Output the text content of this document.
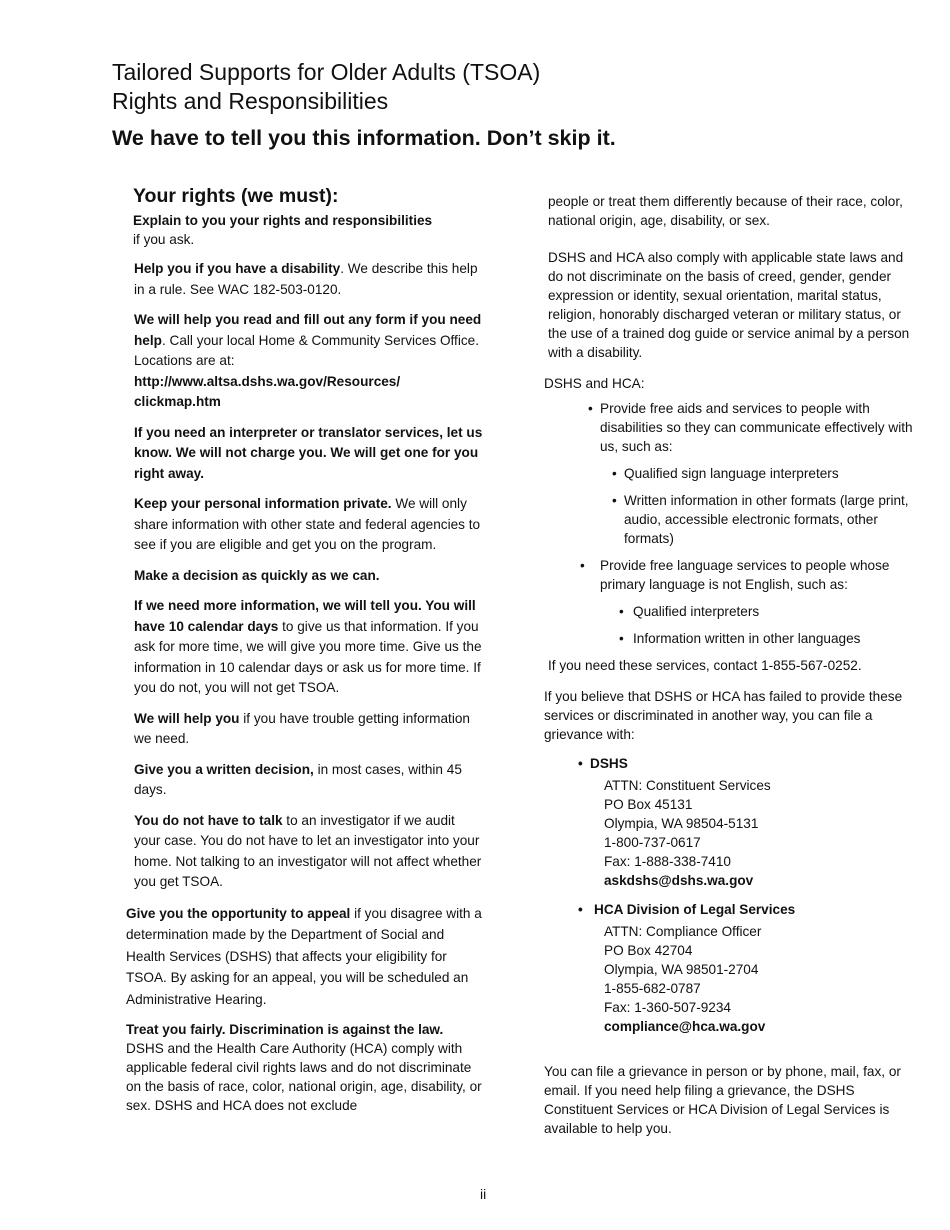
Tailored Supports for Older Adults (TSOA)
Rights and Responsibilities
We have to tell you this information. Don’t skip it.
Your rights (we must):
Explain to you your rights and responsibilities
if you ask.
Help you if you have a disability. We describe this help in a rule. See WAC 182-503-0120.
We will help you read and fill out any form if you need help. Call your local Home & Community Services Office. Locations are at:
http://www.altsa.dshs.wa.gov/Resources/
clickmap.htm
If you need an interpreter or translator services, let us know. We will not charge you. We will get one for you right away.
Keep your personal information private. We will only share information with other state and federal agencies to see if you are eligible and get you on the program.
Make a decision as quickly as we can.
If we need more information, we will tell you. You will have 10 calendar days to give us that information. If you ask for more time, we will give you more time. Give us the information in 10 calendar days or ask us for more time. If you do not, you will not get TSOA.
We will help you if you have trouble getting information we need.
Give you a written decision, in most cases, within 45 days.
You do not have to talk to an investigator if we audit your case. You do not have to let an investigator into your home. Not talking to an investigator will not affect whether you get TSOA.
Give you the opportunity to appeal if you disagree with a determination made by the Department of Social and Health Services (DSHS) that affects your eligibility for TSOA. By asking for an appeal, you will be scheduled an Administrative Hearing.
Treat you fairly. Discrimination is against the law.
DSHS and the Health Care Authority (HCA) comply with applicable federal civil rights laws and do not discriminate on the basis of race, color, national origin, age, disability, or sex. DSHS and HCA does not exclude
people or treat them differently because of their race, color, national origin, age, disability, or sex.
DSHS and HCA also comply with applicable state laws and do not discriminate on the basis of creed, gender, gender expression or identity, sexual orientation, marital status, religion, honorably discharged veteran or military status, or the use of a trained dog guide or service animal by a person with a disability.
DSHS and HCA:
• Provide free aids and services to people with disabilities so they can communicate effectively with us, such as:
• Qualified sign language interpreters
• Written information in other formats (large print, audio, accessible electronic formats, other formats)
• Provide free language services to people whose primary language is not English, such as:
• Qualified interpreters
• Information written in other languages
If you need these services, contact 1-855-567-0252.
If you believe that DSHS or HCA has failed to provide these services or discriminated in another way, you can file a grievance with:
• DSHS
ATTN: Constituent Services
PO Box 45131
Olympia, WA 98504-5131
1-800-737-0617
Fax: 1-888-338-7410
askdshs@dshs.wa.gov
• HCA Division of Legal Services
ATTN: Compliance Officer
PO Box 42704
Olympia, WA 98501-2704
1-855-682-0787
Fax: 1-360-507-9234
compliance@hca.wa.gov
You can file a grievance in person or by phone, mail, fax, or email. If you need help filing a grievance, the DSHS Constituent Services or HCA Division of Legal Services is available to help you.
ii
